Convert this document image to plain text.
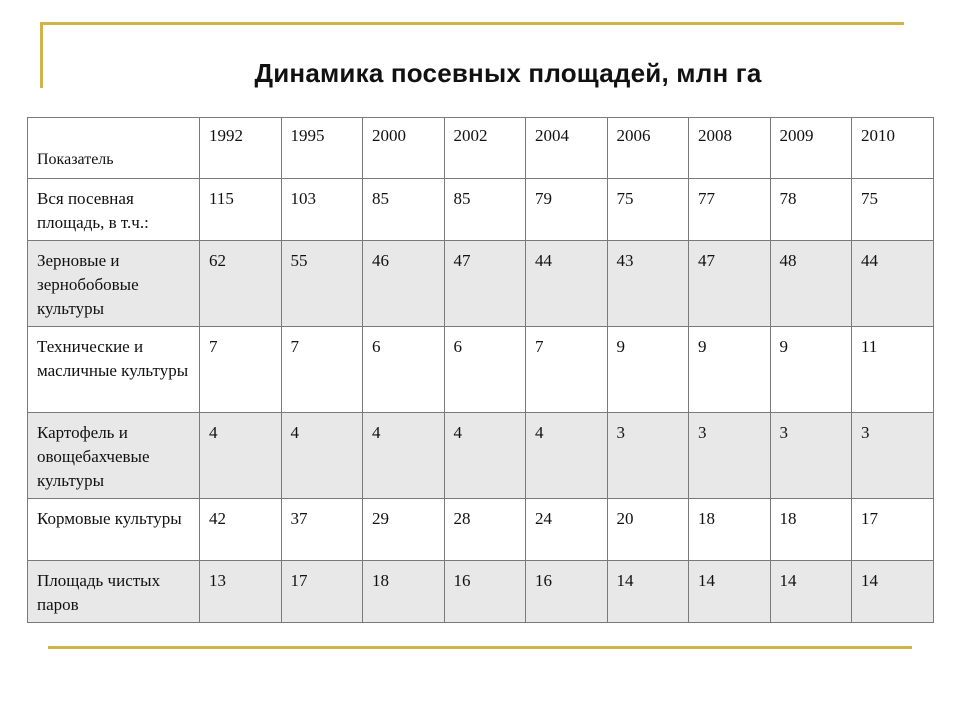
Динамика посевных площадей, млн га
Показатель	1992	1995	2000	2002	2004	2006	2008	2009	2010
Вся посевная площадь, в т.ч.:	115	103	85	85	79	75	77	78	75
Зерновые и зернобобовые культуры	62	55	46	47	44	43	47	48	44
Технические и масличные культуры	7	7	6	6	7	9	9	9	11
Картофель и овощебахчевые культуры	4	4	4	4	4	3	3	3	3
Кормовые культуры	42	37	29	28	24	20	18	18	17
Площадь чистых паров	13	17	18	16	16	14	14	14	14
